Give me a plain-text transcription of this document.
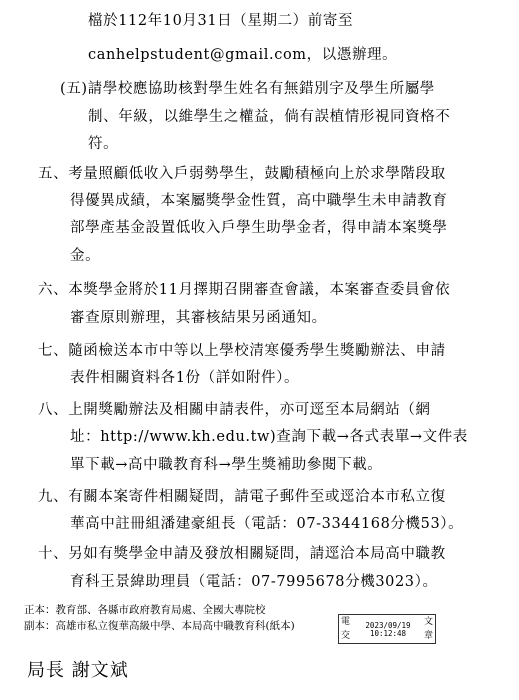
檔於112年10月31日（星期二）前寄至
canhelpstudent@gmail.com，以憑辦理。
(五)請學校應協助核對學生姓名有無錯別字及學生所屬學
制、年級，以維學生之權益，倘有誤植情形視同資格不
符。
五、考量照顧低收入戶弱勢學生，鼓勵積極向上於求學階段取
得優異成績，本案屬獎學金性質，高中職學生未申請教育
部學產基金設置低收入戶學生助學金者，得申請本案獎學
金。
六、本獎學金將於11月擇期召開審查會議，本案審查委員會依
審查原則辦理，其審核結果另函通知。
七、隨函檢送本市中等以上學校清寒優秀學生獎勵辦法、申請
表件相關資料各1份（詳如附件）。
八、上開獎勵辦法及相關申請表件，亦可逕至本局網站（網
址：http://www.kh.edu.tw)查詢下載→各式表單→文件表
單下載→高中職教育科→學生獎補助參閱下載。
九、有關本案寄件相關疑問，請電子郵件至或逕洽本市私立復
華高中註冊組潘建豪組長（電話：07-3344168分機53）。
十、另如有獎學金申請及發放相關疑問，請逕洽本局高中職教
育科王景緯助理員（電話：07-7995678分機3023）。
正本：教育部、各縣市政府教育局處、全國大專院校
副本：高雄市私立復華高級中學、本局高中職教育科(紙本)	電
交
文
章
2023/09/19
10:12:48
局長 謝文斌
